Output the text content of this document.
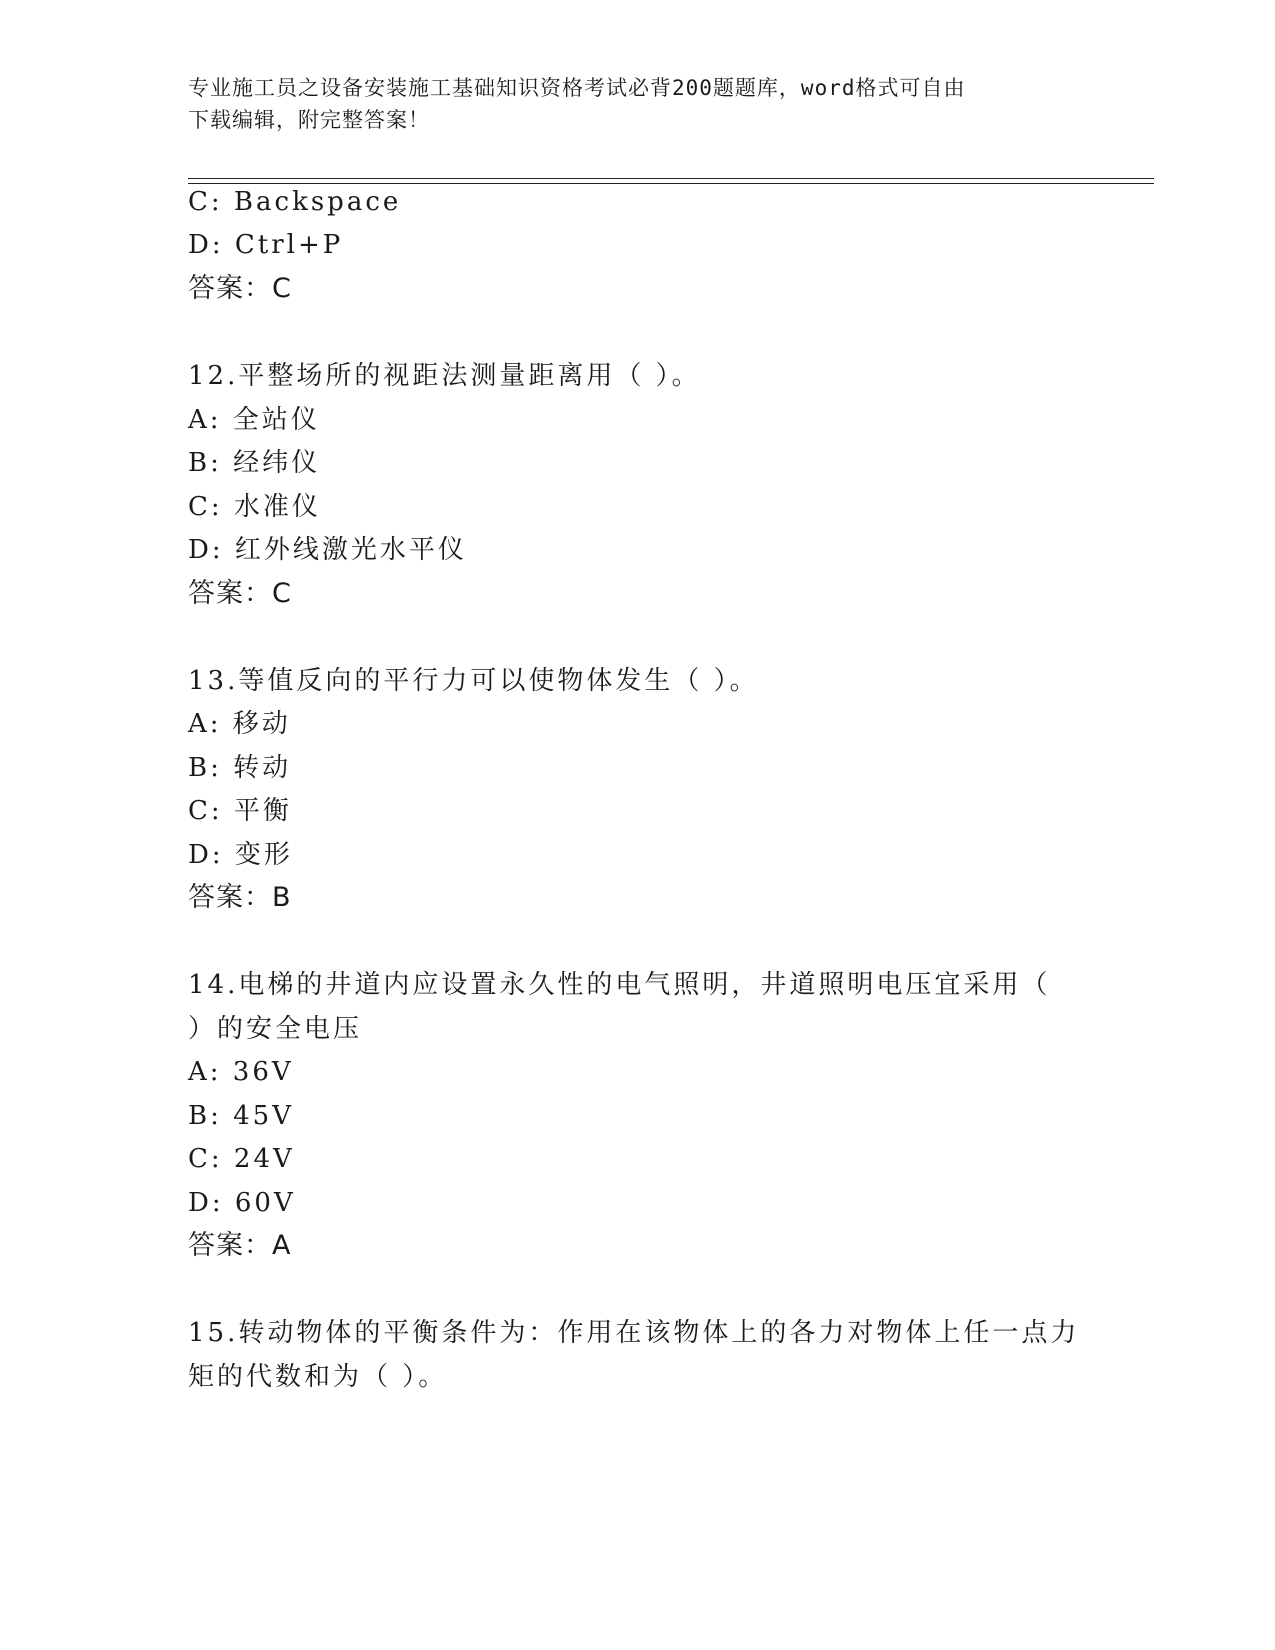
专业施工员之设备安装施工基础知识资格考试必背200题题库，word格式可自由
下载编辑，附完整答案！
C: Backspace
D: Ctrl+P
答案：C
12.平整场所的视距法测量距离用（ ）。
A: 全站仪
B: 经纬仪
C: 水准仪
D: 红外线激光水平仪
答案：C
13.等值反向的平行力可以使物体发生（ ）。
A: 移动
B: 转动
C: 平衡
D: 变形
答案：B
14.电梯的井道内应设置永久性的电气照明，井道照明电压宜采用（
）的安全电压
A: 36V
B: 45V
C: 24V
D: 60V
答案：A
15.转动物体的平衡条件为：作用在该物体上的各力对物体上任一点力
矩的代数和为（ ）。
